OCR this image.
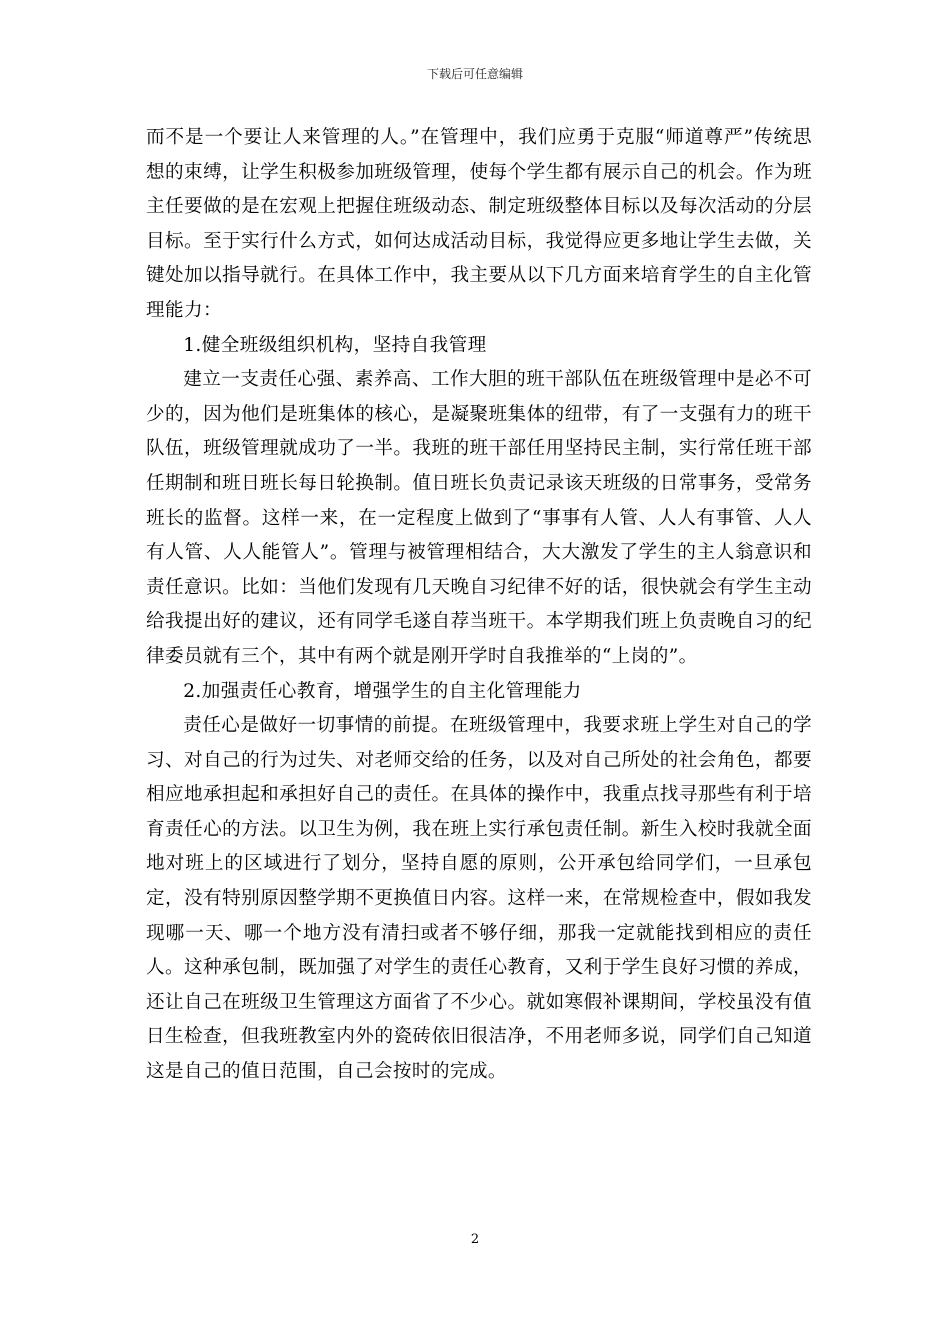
下载后可任意编辑

而不是一个要让人来管理的人。”在管理中，我们应勇于克服“师道尊严”传统思想的束缚，让学生积极参加班级管理，使每个学生都有展示自己的机会。作为班主任要做的是在宏观上把握住班级动态、制定班级整体目标以及每次活动的分层目标。至于实行什么方式，如何达成活动目标，我觉得应更多地让学生去做，关键处加以指导就行。在具体工作中，我主要从以下几方面来培育学生的自主化管理能力：

1.健全班级组织机构，坚持自我管理

建立一支责任心强、素养高、工作大胆的班干部队伍在班级管理中是必不可少的，因为他们是班集体的核心，是凝聚班集体的纽带，有了一支强有力的班干队伍，班级管理就成功了一半。我班的班干部任用坚持民主制，实行常任班干部任期制和班日班长每日轮换制。值日班长负责记录该天班级的日常事务，受常务班长的监督。这样一来，在一定程度上做到了“事事有人管、人人有事管、人人有人管、人人能管人”。管理与被管理相结合，大大激发了学生的主人翁意识和责任意识。比如：当他们发现有几天晚自习纪律不好的话，很快就会有学生主动给我提出好的建议，还有同学毛遂自荐当班干。本学期我们班上负责晚自习的纪律委员就有三个，其中有两个就是刚开学时自我推举的“上岗的”。

2.加强责任心教育，增强学生的自主化管理能力

责任心是做好一切事情的前提。在班级管理中，我要求班上学生对自己的学习、对自己的行为过失、对老师交给的任务，以及对自己所处的社会角色，都要相应地承担起和承担好自己的责任。在具体的操作中，我重点找寻那些有利于培育责任心的方法。以卫生为例，我在班上实行承包责任制。新生入校时我就全面地对班上的区域进行了划分，坚持自愿的原则，公开承包给同学们，一旦承包定，没有特别原因整学期不更换值日内容。这样一来，在常规检查中，假如我发现哪一天、哪一个地方没有清扫或者不够仔细，那我一定就能找到相应的责任人。这种承包制，既加强了对学生的责任心教育，又利于学生良好习惯的养成，还让自己在班级卫生管理这方面省了不少心。就如寒假补课期间，学校虽没有值日生检查，但我班教室内外的瓷砖依旧很洁净，不用老师多说，同学们自己知道这是自己的值日范围，自己会按时的完成。

2
